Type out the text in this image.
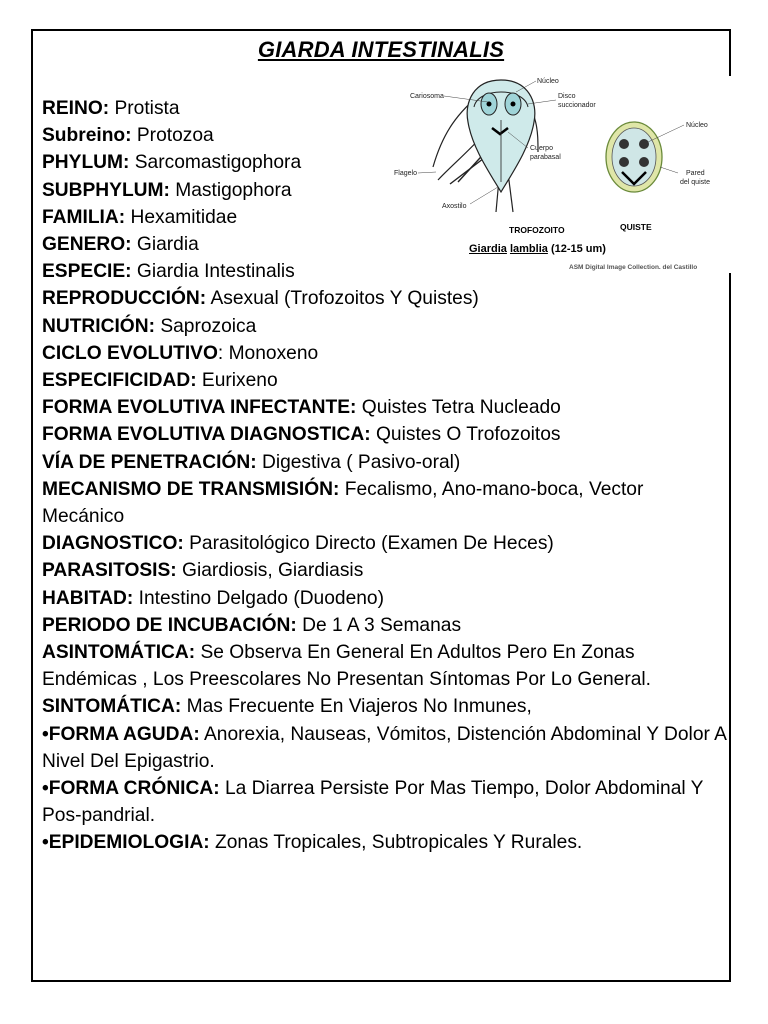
GIARDA INTESTINALIS
Núcleo
Cariosoma	Disco
succionador
Cuerpo
parabasal
Flagelo
Axostilo
TROFOZOITO
Núcleo
Pared
del quiste
QUISTE
Giardia lamblia (12-15 um)
ASM Digital Image Collection. del Castillo
REINO: Protista
Subreino: Protozoa
PHYLUM: Sarcomastigophora
SUBPHYLUM: Mastigophora
FAMILIA: Hexamitidae
GENERO: Giardia
ESPECIE: Giardia Intestinalis
REPRODUCCIÓN: Asexual (Trofozoitos Y Quistes)
NUTRICIÓN: Saprozoica
CICLO EVOLUTIVO: Monoxeno
ESPECIFICIDAD: Eurixeno
FORMA EVOLUTIVA INFECTANTE: Quistes Tetra Nucleado
FORMA EVOLUTIVA DIAGNOSTICA: Quistes O Trofozoitos
VÍA DE PENETRACIÓN: Digestiva ( Pasivo-oral)
MECANISMO DE TRANSMISIÓN: Fecalismo, Ano-mano-boca, Vector Mecánico
DIAGNOSTICO: Parasitológico Directo (Examen De Heces)
PARASITOSIS: Giardiosis, Giardiasis
HABITAD: Intestino Delgado (Duodeno)
PERIODO DE INCUBACIÓN: De 1 A 3 Semanas
ASINTOMÁTICA: Se Observa En General En Adultos Pero En Zonas Endémicas , Los Preescolares No Presentan Síntomas Por Lo General.
SINTOMÁTICA: Mas Frecuente En Viajeros No Inmunes,
•FORMA AGUDA: Anorexia, Nauseas, Vómitos, Distención Abdominal Y Dolor A Nivel Del Epigastrio.
•FORMA CRÓNICA: La Diarrea Persiste Por Mas Tiempo, Dolor Abdominal Y Pos-pandrial.
•EPIDEMIOLOGIA: Zonas Tropicales, Subtropicales Y Rurales.
